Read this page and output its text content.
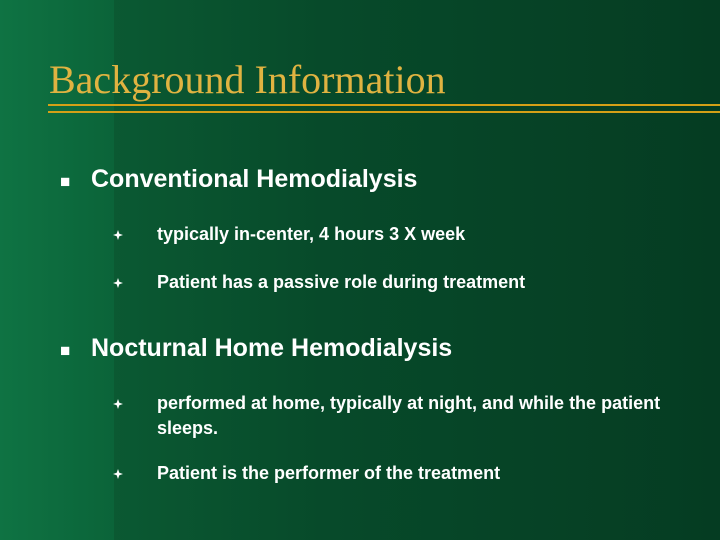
Background Information
■ Conventional Hemodialysis
typically in-center, 4 hours 3 X week
Patient has a passive role during treatment
■ Nocturnal Home Hemodialysis
performed at home, typically at night, and while the patient sleeps.
Patient is the performer of the treatment
